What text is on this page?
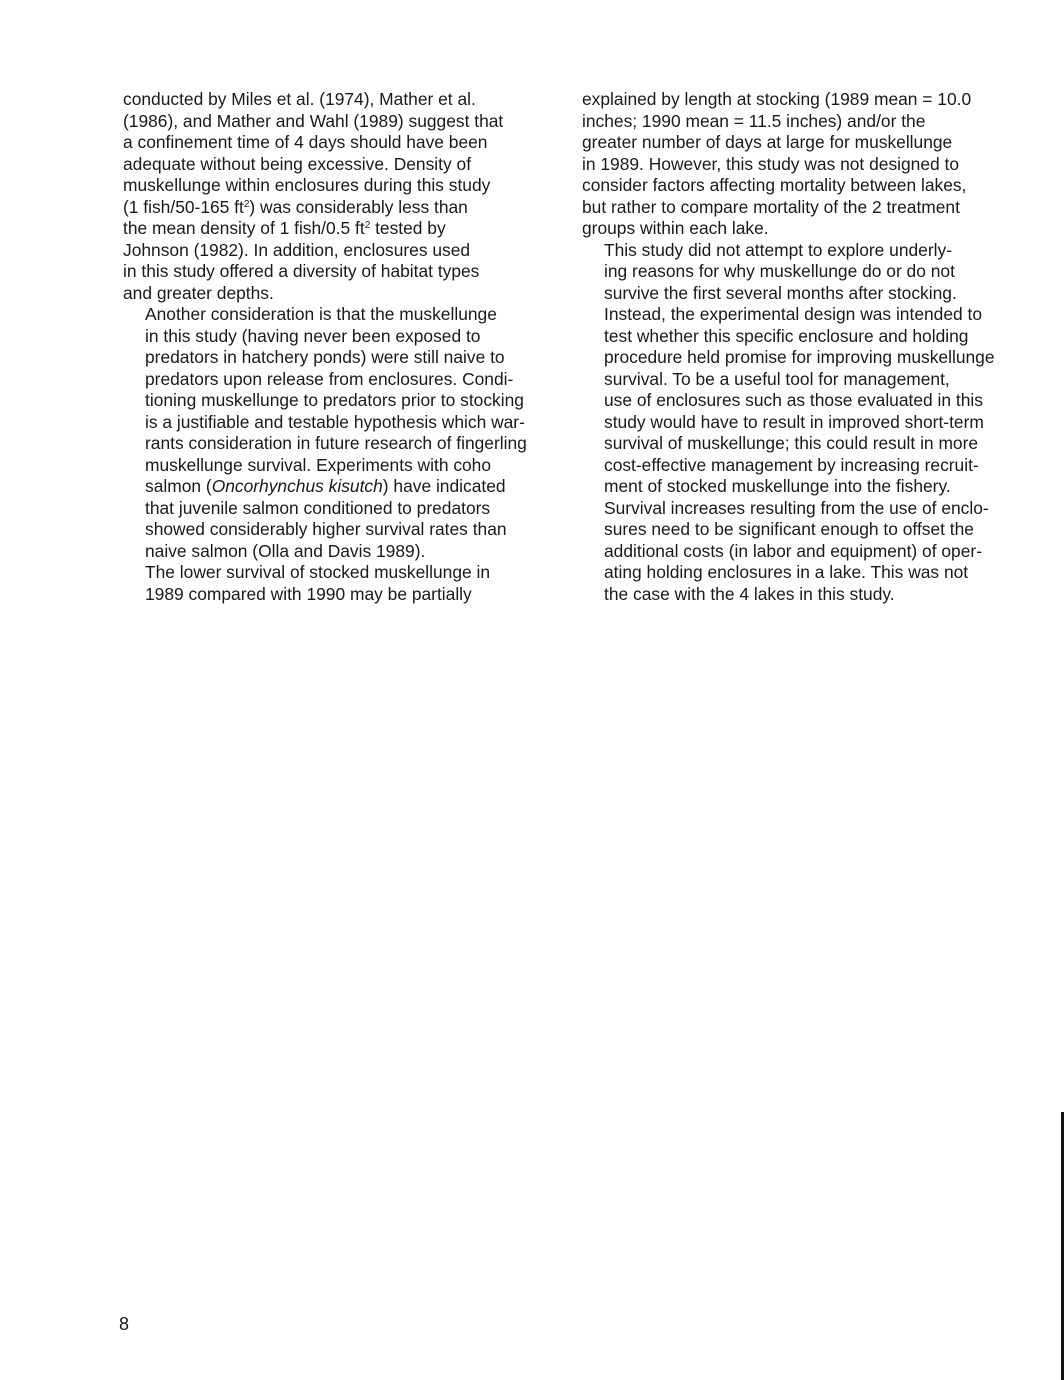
conducted by Miles et al. (1974), Mather et al.
(1986), and Mather and Wahl (1989) suggest that
a confinement time of 4 days should have been
adequate without being excessive. Density of
muskellunge within enclosures during this study
(1 fish/50-165 $ft^2$) was considerably less than
the mean density of 1 fish/0.5 $ft^2$ tested by
Johnson (1982). In addition, enclosures used
in this study offered a diversity of habitat types
and greater depths.

Another consideration is that the muskellunge
in this study (having never been exposed to
predators in hatchery ponds) were still naive to
predators upon release from enclosures. Condi-
tioning muskellunge to predators prior to stocking
is a justifiable and testable hypothesis which war-
rants consideration in future research of fingerling
muskellunge survival. Experiments with coho
salmon (Oncorhynchus kisutch) have indicated
that juvenile salmon conditioned to predators
showed considerably higher survival rates than
naive salmon (Olla and Davis 1989).

The lower survival of stocked muskellunge in
1989 compared with 1990 may be partially

explained by length at stocking (1989 mean = 10.0
inches; 1990 mean = 11.5 inches) and/or the
greater number of days at large for muskellunge
in 1989. However, this study was not designed to
consider factors affecting mortality between lakes,
but rather to compare mortality of the 2 treatment
groups within each lake.

This study did not attempt to explore underly-
ing reasons for why muskellunge do or do not
survive the first several months after stocking.
Instead, the experimental design was intended to
test whether this specific enclosure and holding
procedure held promise for improving muskellunge
survival. To be a useful tool for management,
use of enclosures such as those evaluated in this
study would have to result in improved short-term
survival of muskellunge; this could result in more
cost-effective management by increasing recruit-
ment of stocked muskellunge into the fishery.
Survival increases resulting from the use of enclo-
sures need to be significant enough to offset the
additional costs (in labor and equipment) of oper-
ating holding enclosures in a lake. This was not
the case with the 4 lakes in this study.

8
